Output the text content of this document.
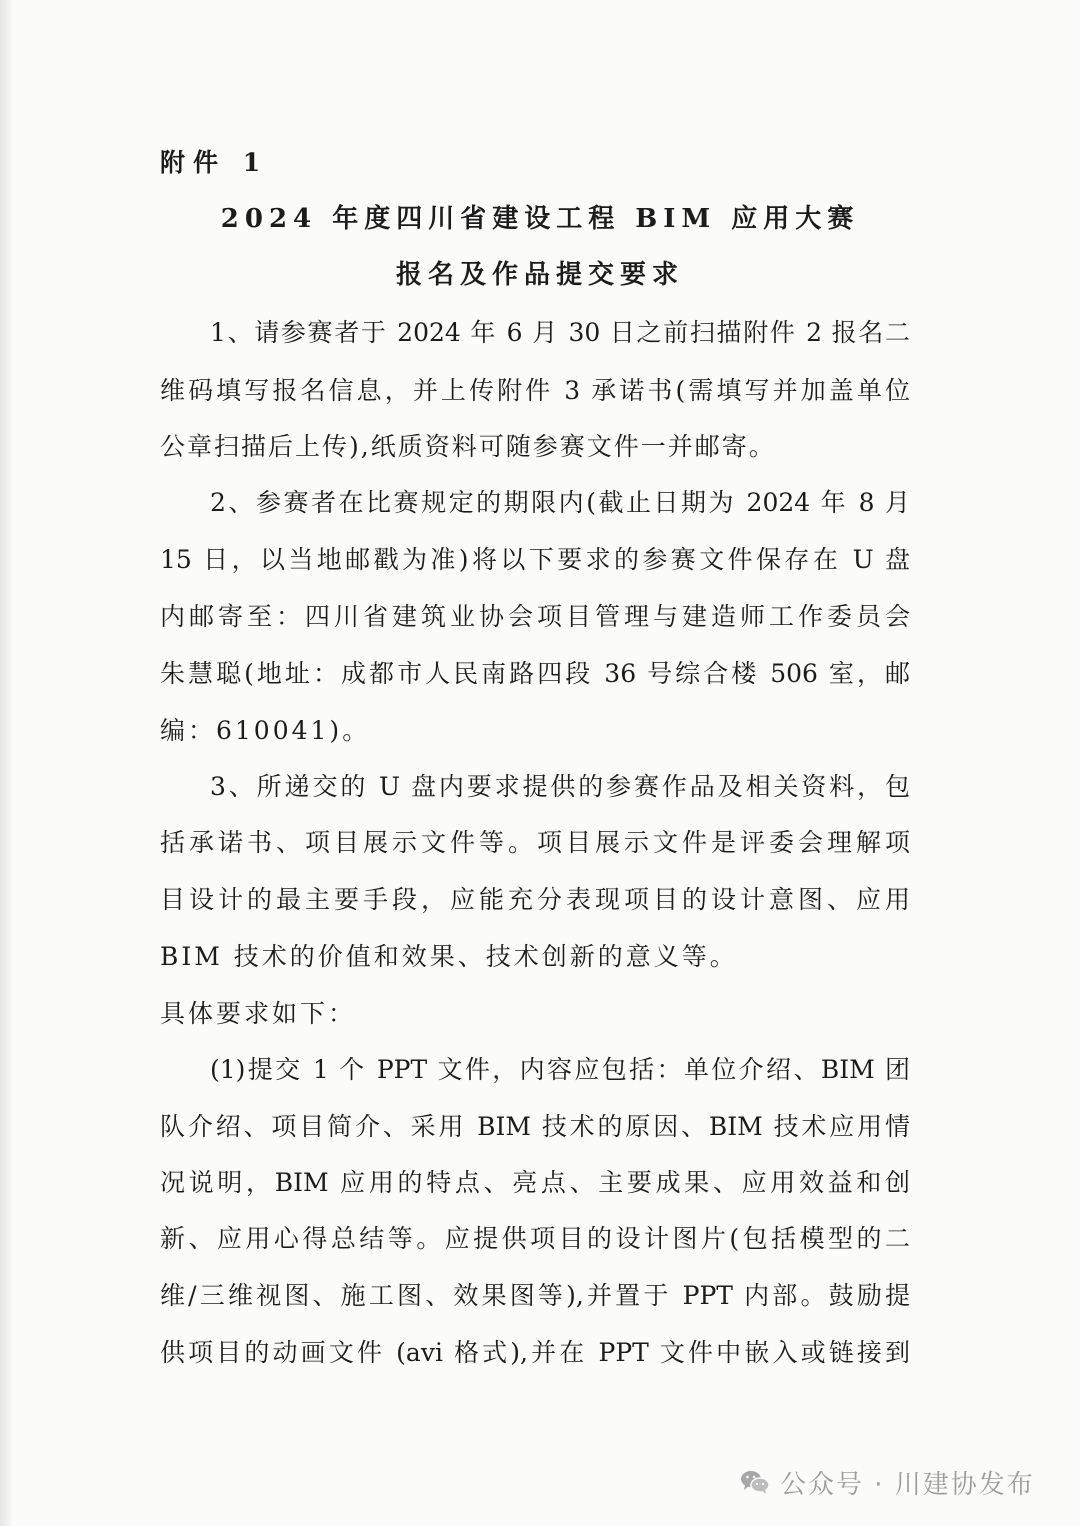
附件 1
2024 年度四川省建设工程 BIM 应用大赛
报名及作品提交要求
1、请参赛者于 2024 年 6 月 30 日之前扫描附件 2 报名二
维码填写报名信息，并上传附件 3 承诺书(需填写并加盖单位
公章扫描后上传),纸质资料可随参赛文件一并邮寄。
2、参赛者在比赛规定的期限内(截止日期为 2024 年 8 月
15 日，以当地邮戳为准)将以下要求的参赛文件保存在 U 盘
内邮寄至：四川省建筑业协会项目管理与建造师工作委员会
朱慧聪(地址：成都市人民南路四段 36 号综合楼 506 室，邮
编：610041)。
3、所递交的 U 盘内要求提供的参赛作品及相关资料，包
括承诺书、项目展示文件等。项目展示文件是评委会理解项
目设计的最主要手段，应能充分表现项目的设计意图、应用
BIM 技术的价值和效果、技术创新的意义等。
具体要求如下：
(1)提交 1 个 PPT 文件，内容应包括：单位介绍、BIM 团
队介绍、项目简介、采用 BIM 技术的原因、BIM 技术应用情
况说明，BIM 应用的特点、亮点、主要成果、应用效益和创
新、应用心得总结等。应提供项目的设计图片(包括模型的二
维/三维视图、施工图、效果图等),并置于 PPT 内部。鼓励提
供项目的动画文件 (avi 格式),并在 PPT 文件中嵌入或链接到
公众号 · 川建协发布
